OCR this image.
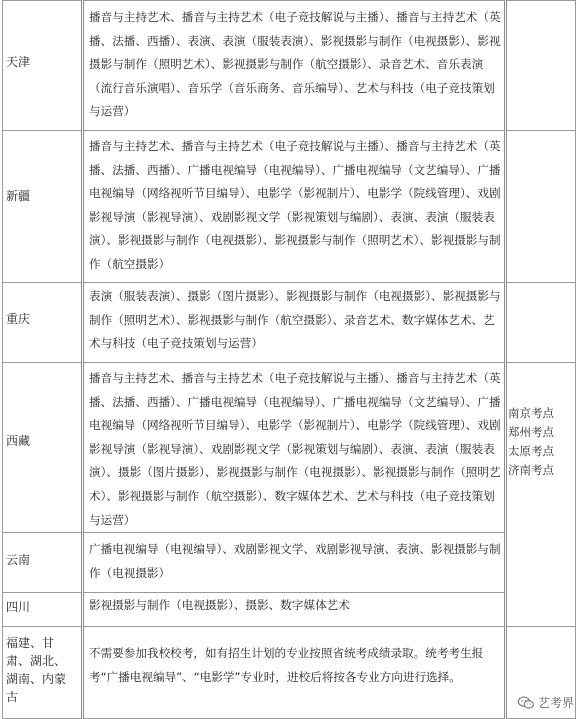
天津
播音与主持艺术、播音与主持艺术（电子竞技解说与主播）、播音与主持艺术（英播、法播、西播）、表演、表演（服装表演）、影视摄影与制作（电视摄影）、影视摄影与制作（照明艺术）、影视摄影与制作（航空摄影）、录音艺术、音乐表演（流行音乐演唱）、音乐学（音乐商务、音乐编导）、艺术与科技（电子竞技策划与运营）
新疆
播音与主持艺术、播音与主持艺术（电子竞技解说与主播）、播音与主持艺术（英播、法播、西播）、广播电视编导（电视编导）、广播电视编导（文艺编导）、广播电视编导（网络视听节目编导）、电影学（影视制片）、电影学（院线管理）、戏剧影视导演（影视导演）、戏剧影视文学（影视策划与编剧）、表演、表演（服装表演）、影视摄影与制作（电视摄影）、影视摄影与制作（照明艺术）、影视摄影与制作（航空摄影）
重庆
表演（服装表演）、摄影（图片摄影）、影视摄影与制作（电视摄影）、影视摄影与制作（照明艺术）、影视摄影与制作（航空摄影）、录音艺术、数字媒体艺术、艺术与科技（电子竞技策划与运营）
西藏
播音与主持艺术、播音与主持艺术（电子竞技解说与主播）、播音与主持艺术（英播、法播、西播）、广播电视编导（电视编导）、广播电视编导（文艺编导）、广播电视编导（网络视听节目编导）、电影学（影视制片）、电影学（院线管理）、戏剧影视导演（影视导演）、戏剧影视文学（影视策划与编剧）、表演、表演（服装表演）、摄影（图片摄影）、影视摄影与制作（电视摄影）、影视摄影与制作（照明艺术）、影视摄影与制作（航空摄影）、数字媒体艺术、艺术与科技（电子竞技策划与运营）
云南
广播电视编导（电视编导）、戏剧影视文学、戏剧影视导演、表演、影视摄影与制作（电视摄影）
四川	影视摄影与制作（电视摄影）、摄影、数字媒体艺术
福建、甘肃、湖北、湖南、内蒙古
不需要参加我校校考，如有招生计划的专业按照省统考成绩录取。统考考生报考“广播电视编导”、“电影学”专业时，进校后将按各专业方向进行选择。
南京考点
郑州考点
太原考点
济南考点
艺考界
